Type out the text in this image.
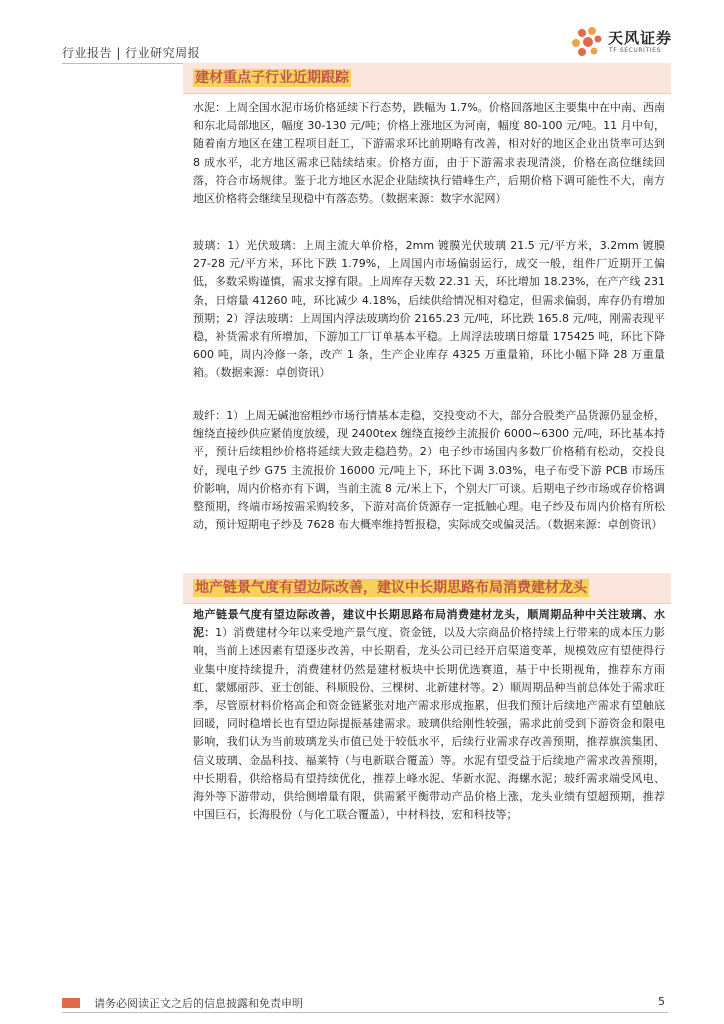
行业报告 | 行业研究周报
天风证券
TF SECURITIES
建材重点子行业近期跟踪

水泥：上周全国水泥市场价格延续下行态势，跌幅为 1.7%。价格回落地区主要集中在中南、西南和东北局部地区，幅度 30-130 元/吨；价格上涨地区为河南，幅度 80-100 元/吨。11 月中旬，随着南方地区在建工程项目赶工，下游需求环比前期略有改善，相对好的地区企业出货率可达到 8 成水平，北方地区需求已陆续结束。价格方面，由于下游需求表现清淡，价格在高位继续回落，符合市场规律。鉴于北方地区水泥企业陆续执行错峰生产，后期价格下调可能性不大，南方地区价格将会继续呈现稳中有落态势。（数据来源：数字水泥网）

玻璃：1）光伏玻璃：上周主流大单价格，2mm 镀膜光伏玻璃 21.5 元/平方米，3.2mm 镀膜 27-28 元/平方米，环比下跌 1.79%，上周国内市场偏弱运行，成交一般，组件厂近期开工偏低，多数采购谨慎，需求支撑有限。上周库存天数 22.31 天，环比增加 18.23%，在产产线 231 条，日熔量 41260 吨，环比减少 4.18%，后续供给情况相对稳定，但需求偏弱，库存仍有增加预期；2）浮法玻璃：上周国内浮法玻璃均价 2165.23 元/吨，环比跌 165.8 元/吨，刚需表现平稳，补货需求有所增加，下游加工厂订单基本平稳。上周浮法玻璃日熔量 175425 吨，环比下降 600 吨，周内冷修一条，改产 1 条，生产企业库存 4325 万重量箱，环比小幅下降 28 万重量箱。（数据来源：卓创资讯）

玻纤：1）上周无碱池窑粗纱市场行情基本走稳，交投变动不大，部分合股类产品货源仍显金桥，缠绕直接纱供应紧俏度放缓，现 2400tex 缠绕直接纱主流报价 6000~6300 元/吨，环比基本持平，预计后续粗纱价格将延续大致走稳趋势。2）电子纱市场国内多数厂价格稍有松动，交投良好，现电子纱 G75 主流报价 16000 元/吨上下，环比下调 3.03%，电子布受下游 PCB 市场压价影响，周内价格亦有下调，当前主流 8 元/米上下，个别大厂可谈。后期电子纱市场或存价格调整预期，终端市场按需采购较多，下游对高价货源存一定抵触心理。电子纱及布周内价格有所松动，预计短期电子纱及 7628 布大概率维持暂报稳，实际成交或偏灵活。（数据来源：卓创资讯）

地产链景气度有望边际改善，建议中长期思路布局消费建材龙头

地产链景气度有望边际改善，建议中长期思路布局消费建材龙头，顺周期品种中关注玻璃、水泥：1）消费建材今年以来受地产景气度、资金链，以及大宗商品价格持续上行带来的成本压力影响，当前上述因素有望逐步改善，中长期看，龙头公司已经开启渠道变革，规模效应有望使得行业集中度持续提升，消费建材仍然是建材板块中长期优选赛道，基于中长期视角，推荐东方雨虹、蒙娜丽莎、亚士创能、科顺股份、三棵树、北新建材等。2）顺周期品种当前总体处于需求旺季，尽管原材料价格高企和资金链紧张对地产需求形成拖累，但我们预计后续地产需求有望触底回暖，同时稳增长也有望边际提振基建需求。玻璃供给刚性较强，需求此前受到下游资金和限电影响，我们认为当前玻璃龙头市值已处于较低水平，后续行业需求存改善预期，推荐旗滨集团、信义玻璃、金晶科技、福莱特（与电新联合覆盖）等。水泥有望受益于后续地产需求改善预期，中长期看，供给格局有望持续优化，推荐上峰水泥、华新水泥、海螺水泥；玻纤需求端受风电、海外等下游带动，供给侧增量有限，供需紧平衡带动产品价格上涨，龙头业绩有望超预期，推荐中国巨石，长海股份（与化工联合覆盖），中材科技，宏和科技等；

请务必阅读正文之后的信息披露和免责申明	5
